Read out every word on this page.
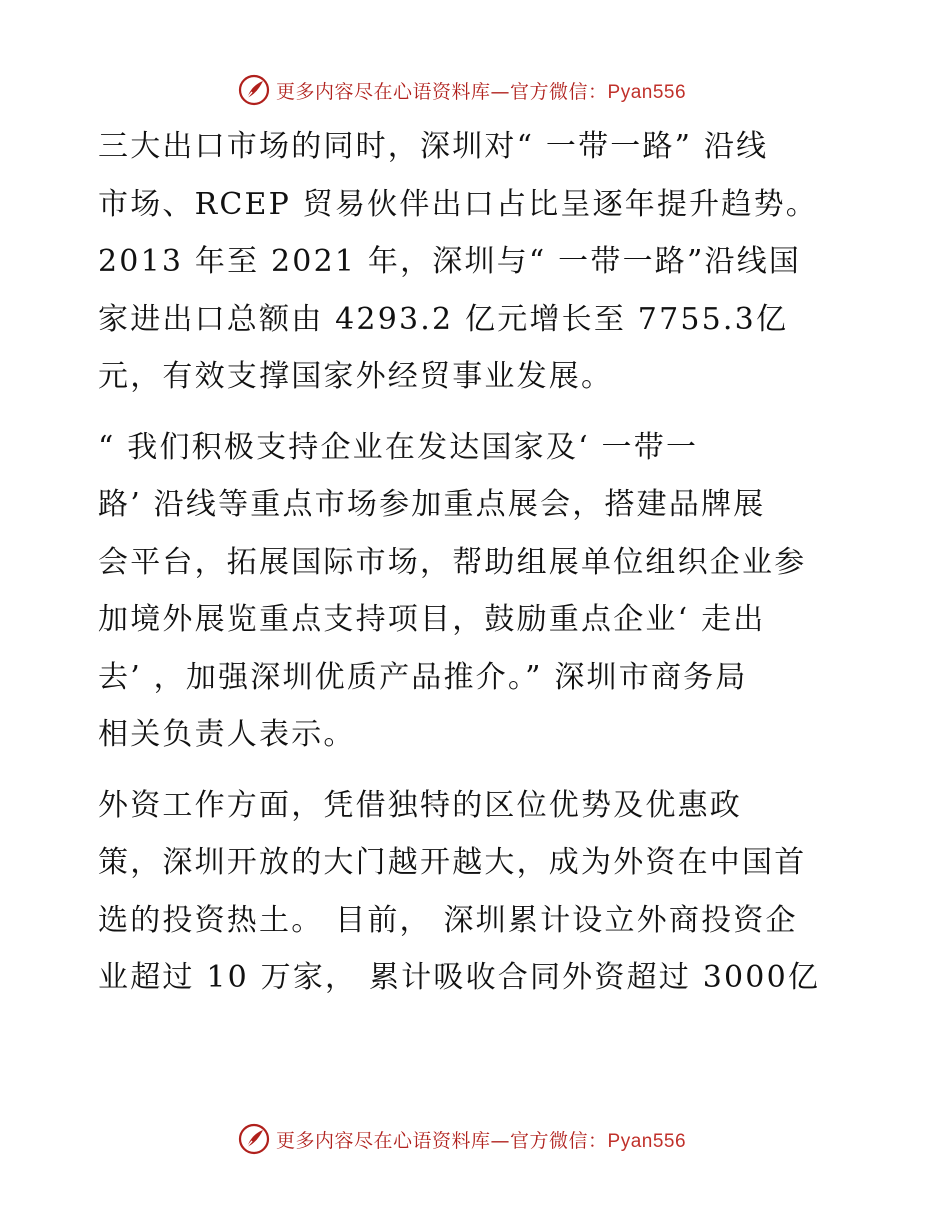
更多内容尽在心语资料库—官方微信：Pyan556

三大出口市场的同时，深圳对“ 一带一路” 沿线
市场、RCEP 贸易伙伴出口占比呈逐年提升趋势。
2013 年至 2021 年，深圳与“ 一带一路”沿线国
家进出口总额由 4293.2 亿元增长至 7755.3亿
元，有效支撑国家外经贸事业发展。

“ 我们积极支持企业在发达国家及‘ 一带一
路’ 沿线等重点市场参加重点展会，搭建品牌展
会平台，拓展国际市场，帮助组展单位组织企业参
加境外展览重点支持项目，鼓励重点企业‘ 走出
去’ ，加强深圳优质产品推介。” 深圳市商务局
相关负责人表示。

外资工作方面，凭借独特的区位优势及优惠政
策，深圳开放的大门越开越大，成为外资在中国首
选的投资热土。 目前， 深圳累计设立外商投资企
业超过 10 万家， 累计吸收合同外资超过 3000亿

更多内容尽在心语资料库—官方微信：Pyan556
